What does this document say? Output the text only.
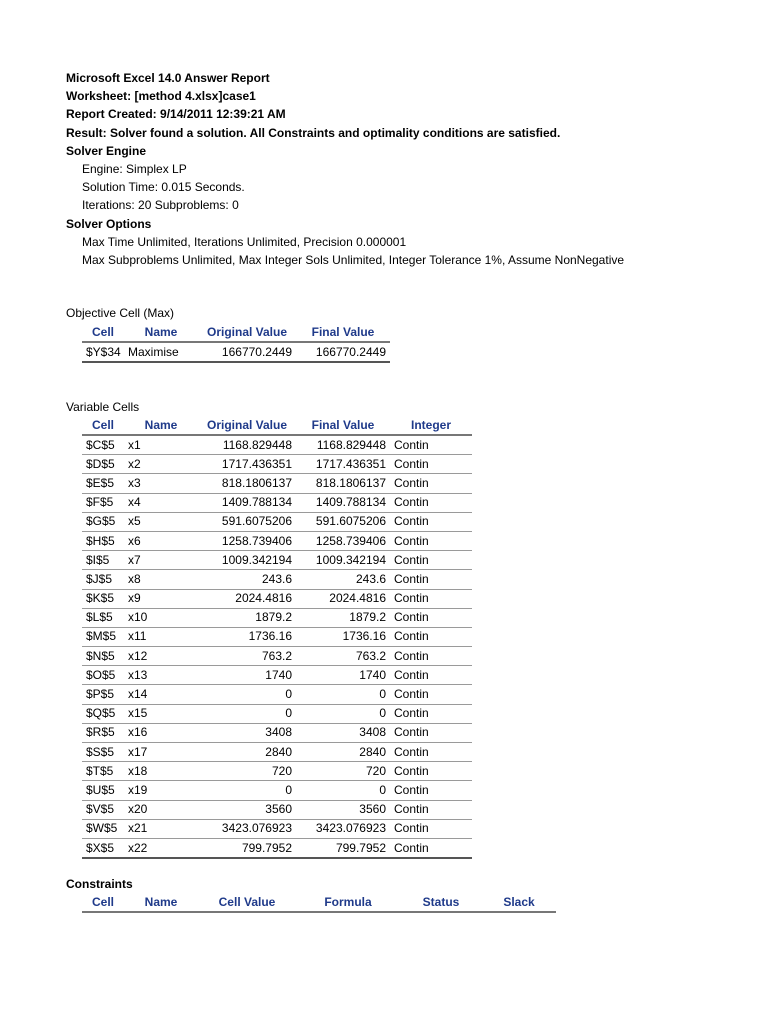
Microsoft Excel 14.0 Answer Report
Worksheet: [method 4.xlsx]case1
Report Created: 9/14/2011 12:39:21 AM
Result: Solver found a solution. All Constraints and optimality conditions are satisfied.
Solver Engine
Engine: Simplex LP
Solution Time: 0.015 Seconds.
Iterations: 20 Subproblems: 0
Solver Options
Max Time Unlimited, Iterations Unlimited, Precision 0.000001
Max Subproblems Unlimited, Max Integer Sols Unlimited, Integer Tolerance 1%, Assume NonNegative
Objective Cell (Max)
Cell	Name	Original Value	Final Value
$Y$34	Maximise	166770.2449	166770.2449
Variable Cells
Cell	Name	Original Value	Final Value	Integer
$C$5	x1	1168.829448	1168.829448	Contin
$D$5	x2	1717.436351	1717.436351	Contin
$E$5	x3	818.1806137	818.1806137	Contin
$F$5	x4	1409.788134	1409.788134	Contin
$G$5	x5	591.6075206	591.6075206	Contin
$H$5	x6	1258.739406	1258.739406	Contin
$I$5	x7	1009.342194	1009.342194	Contin
$J$5	x8	243.6	243.6	Contin
$K$5	x9	2024.4816	2024.4816	Contin
$L$5	x10	1879.2	1879.2	Contin
$M$5	x11	1736.16	1736.16	Contin
$N$5	x12	763.2	763.2	Contin
$O$5	x13	1740	1740	Contin
$P$5	x14	0	0	Contin
$Q$5	x15	0	0	Contin
$R$5	x16	3408	3408	Contin
$S$5	x17	2840	2840	Contin
$T$5	x18	720	720	Contin
$U$5	x19	0	0	Contin
$V$5	x20	3560	3560	Contin
$W$5	x21	3423.076923	3423.076923	Contin
$X$5	x22	799.7952	799.7952	Contin
Constraints
Cell	Name	Cell Value	Formula	Status	Slack
